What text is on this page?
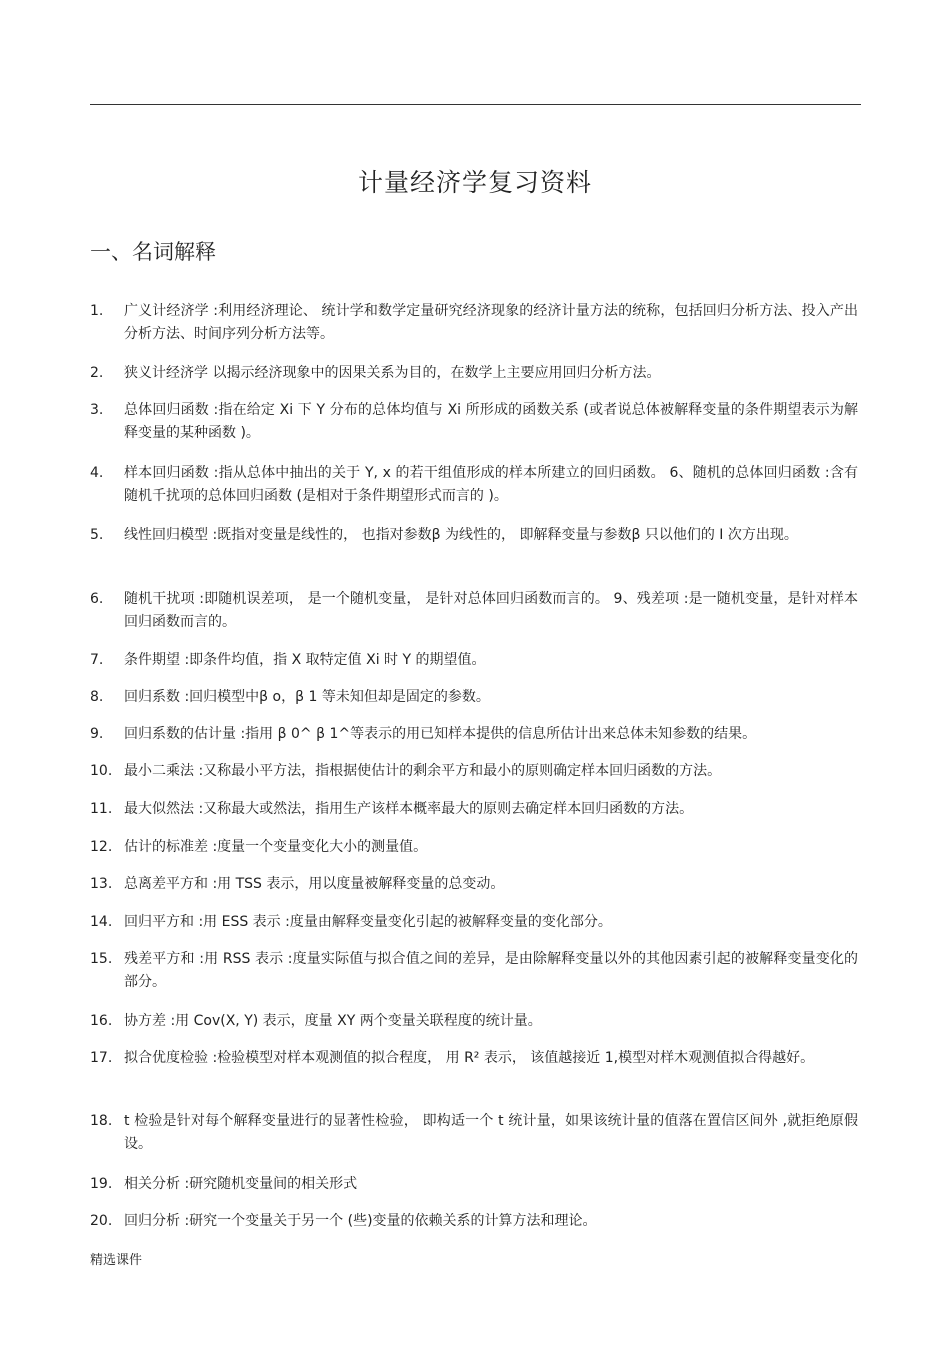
计量经济学复习资料
一、名词解释
1.	广义计经济学 :利用经济理论、 统计学和数学定量研究经济现象的经济计量方法的统称，包括回归分析方法、投入产出分析方法、时间序列分析方法等。
2.	狭义计经济学 以揭示经济现象中的因果关系为目的，在数学上主要应用回归分析方法。
3.	总体回归函数 :指在给定 Xi 下 Y 分布的总体均值与 Xi 所形成的函数关系 (或者说总体被解释变量的条件期望表示为解释变量的某种函数 )。
4.	样本回归函数 :指从总体中抽出的关于 Y, x 的若干组值形成的样本所建立的回归函数。 6、随机的总体回归函数 :含有随机千扰项的总体回归函数 (是相对于条件期望形式而言的 )。
5.	线性回归模型 :既指对变量是线性的， 也指对参数β 为线性的， 即解释变量与参数β 只以他们的 I 次方出现。
6.	随机干扰项 :即随机误差项， 是一个随机变量， 是针对总体回归函数而言的。 9、残差项 :是一随机变量，是针对样本回归函数而言的。
7.	条件期望 :即条件均值，指 X 取特定值 Xi 时 Y 的期望值。
8.	回归系数 :回归模型中β o，β 1 等未知但却是固定的参数。
9.	回归系数的估计量 :指用 β 0^ β 1^等表示的用已知样本提供的信息所估计出来总体未知参数的结果。
10. 最小二乘法 :又称最小平方法，指根据使估计的剩余平方和最小的原则确定样本回归函数的方法。
11. 最大似然法 :又称最大或然法，指用生产该样本概率最大的原则去确定样本回归函数的方法。
12. 估计的标准差 :度量一个变量变化大小的测量值。
13. 总离差平方和 :用 TSS 表示，用以度量被解释变量的总变动。
14. 回归平方和 :用 ESS 表示 :度量由解释变量变化引起的被解释变量的变化部分。
15. 残差平方和 :用 RSS 表示 :度量实际值与拟合值之间的差异，是由除解释变量以外的其他因素引起的被解释变量变化的部分。
16. 协方差 :用 Cov(X, Y) 表示，度量 XY 两个变量关联程度的统计量。
17. 拟合优度检验 :检验模型对样本观测值的拟合程度， 用 R² 表示， 该值越接近 1,模型对样木观测值拟合得越好。
18. t 检验是针对每个解释变量进行的显著性检验， 即构适一个 t 统计量，如果该统计量的值落在置信区间外 ,就拒绝原假设。
19. 相关分析 :研究随机变量间的相关形式
20. 回归分析 :研究一个变量关于另一个 (些)变量的依赖关系的计算方法和理论。
精选课件
